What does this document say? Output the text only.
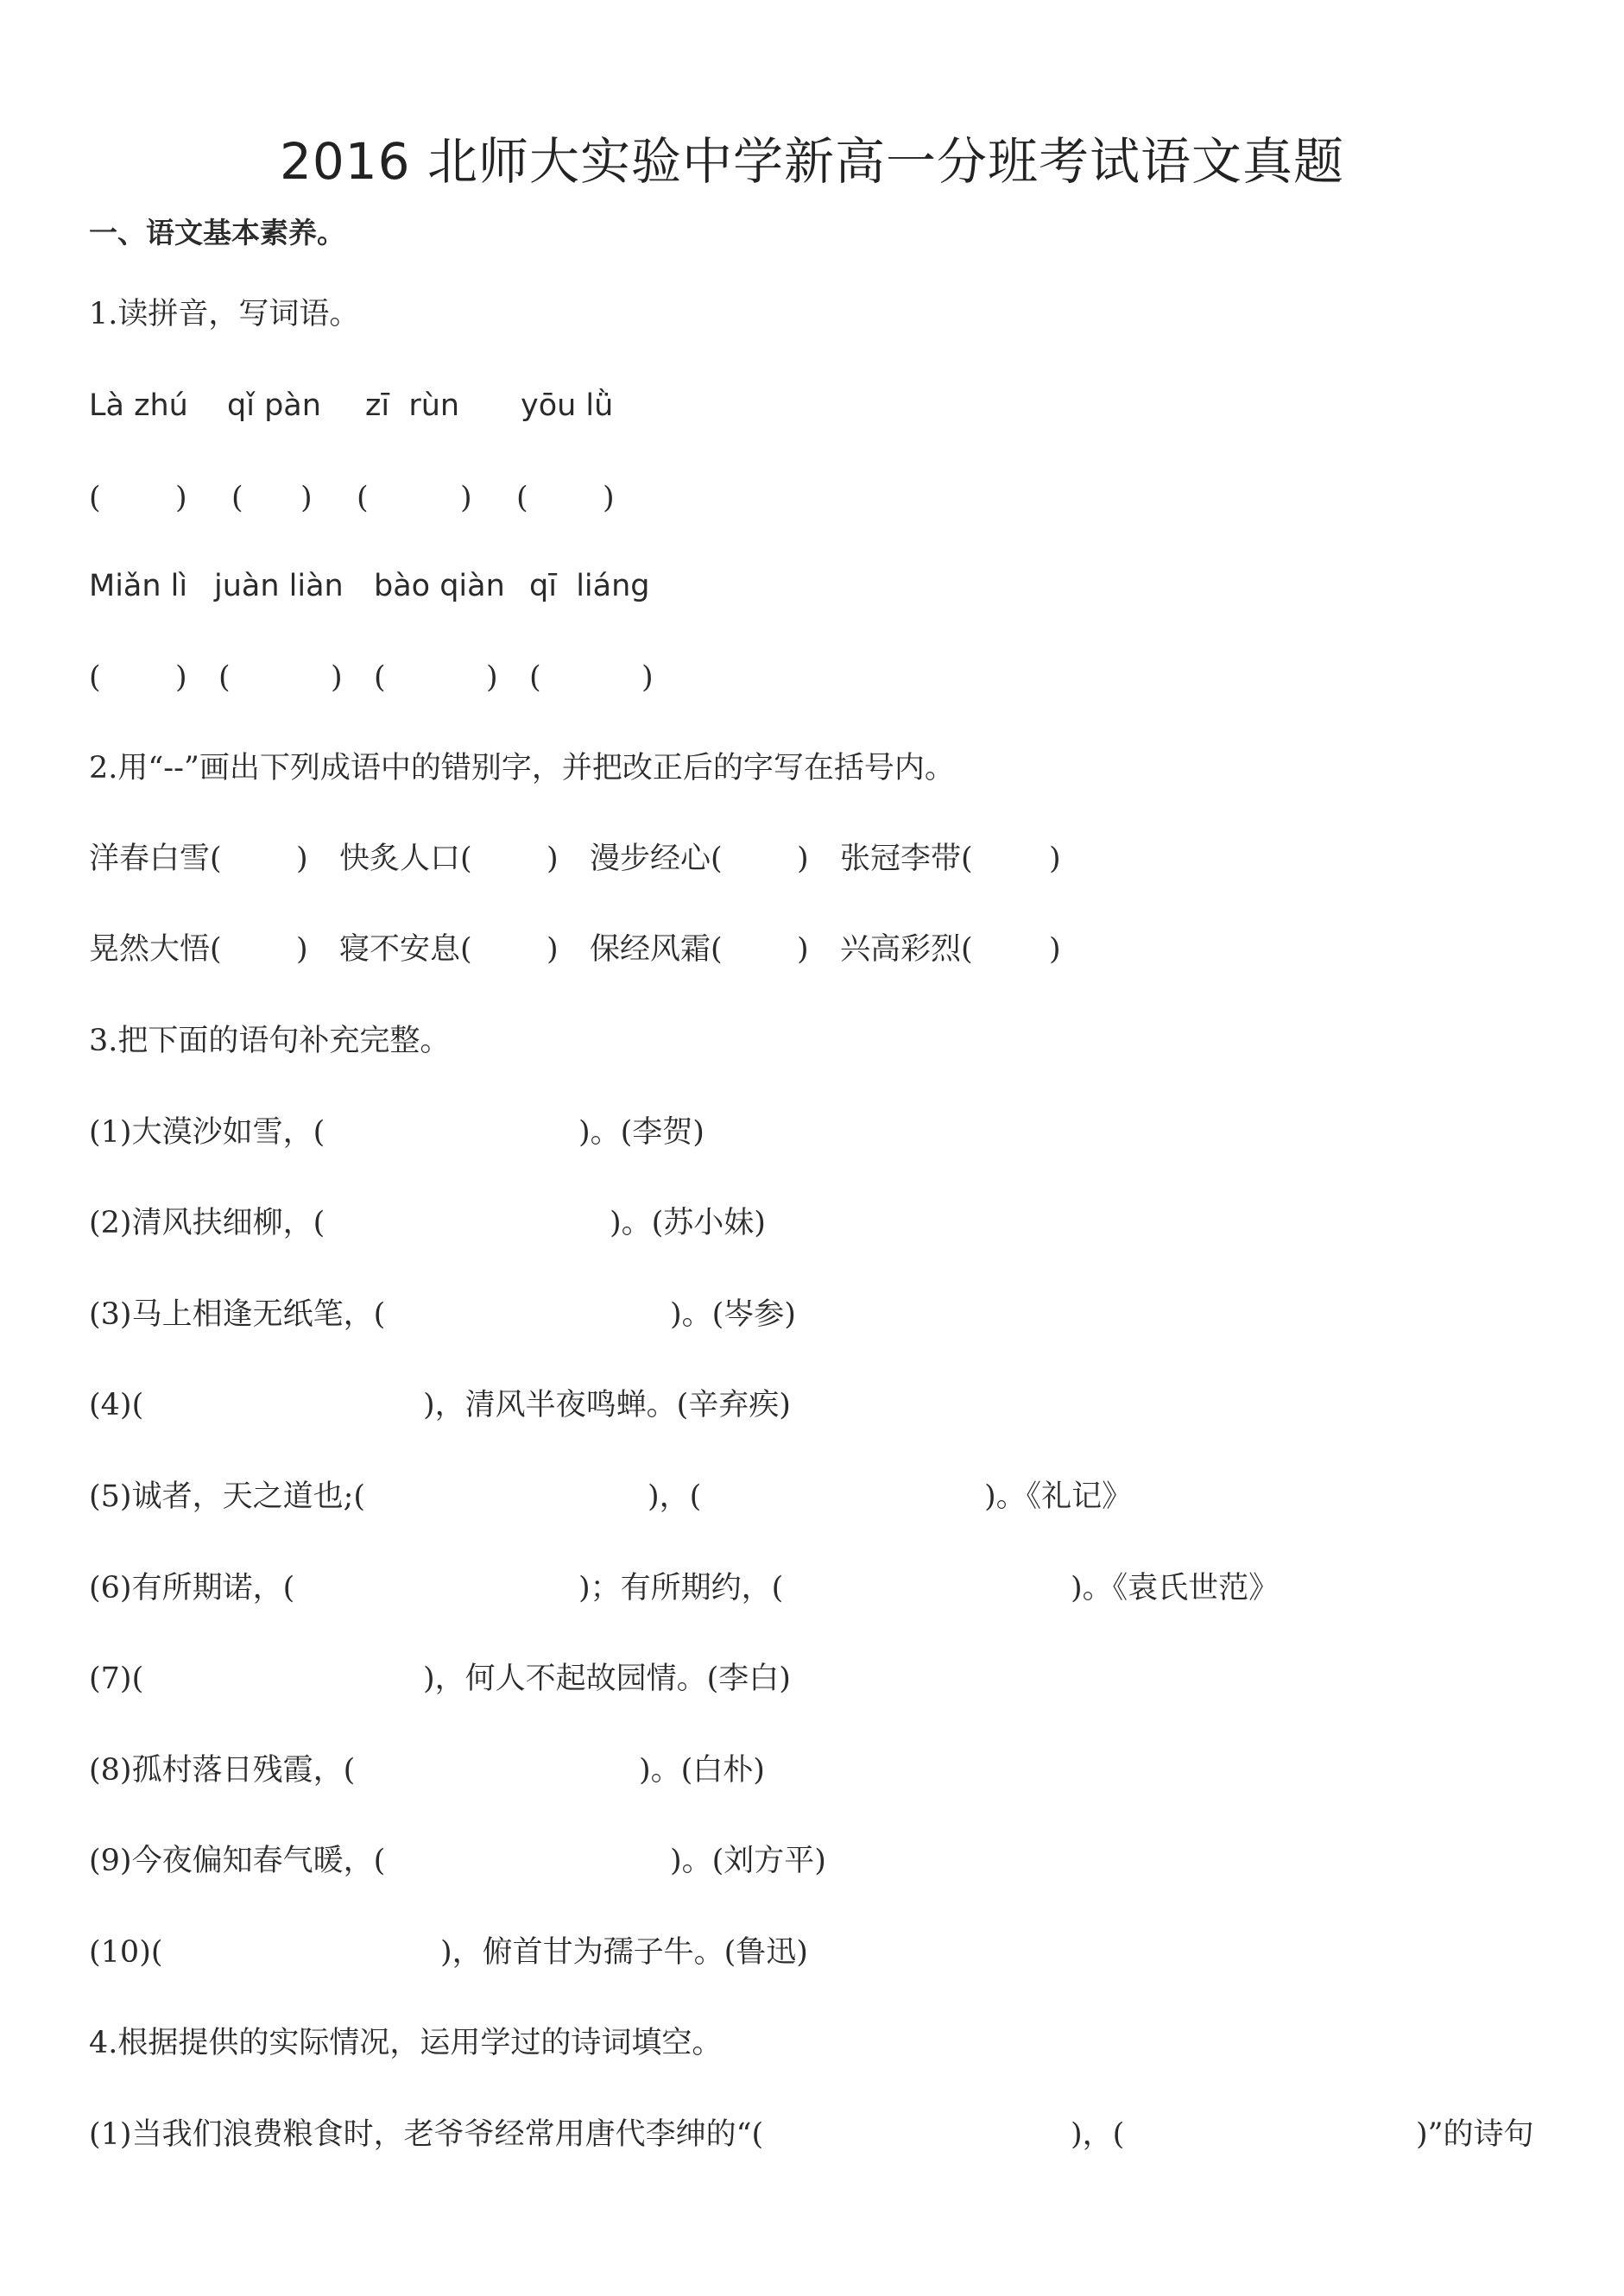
2016 北师大实验中学新高一分班考试语文真题
一、语文基本素养。
1.读拼音，写词语。
Là zhú qǐ pàn zī  rùn yōu lǜ
( ) ( ) (	) ( )
Miǎn lì juàn liàn bào qiàn qī  liáng
( ) (	) (	) (	)
2.用“--”画出下列成语中的错别字，并把改正后的字写在括号内。
洋春白雪( ) 快炙人口( ) 漫步经心( ) 张冠李带(	)
晃然大悟( ) 寝不安息( ) 保经风霜( ) 兴高彩烈(	)
3.把下面的语句补充完整。
(1)大漠沙如雪，(	)。(李贺)
(2)清风扶细柳，(	)。(苏小妹)
(3)马上相逢无纸笔，(	)。(岑参)
(4)(	)，清风半夜鸣蝉。(辛弃疾)
(5)诚者，天之道也;(	)，(	)。《礼记》
(6)有所期诺，(	)；有所期约，(	)。《袁氏世范》
(7)(	)，何人不起故园情。(李白)
(8)孤村落日残霞，(	)。(白朴)
(9)今夜偏知春气暖，(	)。(刘方平)
(10)(	)，俯首甘为孺子牛。(鲁迅)
4.根据提供的实际情况，运用学过的诗词填空。
(1)当我们浪费粮食时，老爷爷经常用唐代李绅的“(	)，(	)”的诗句
